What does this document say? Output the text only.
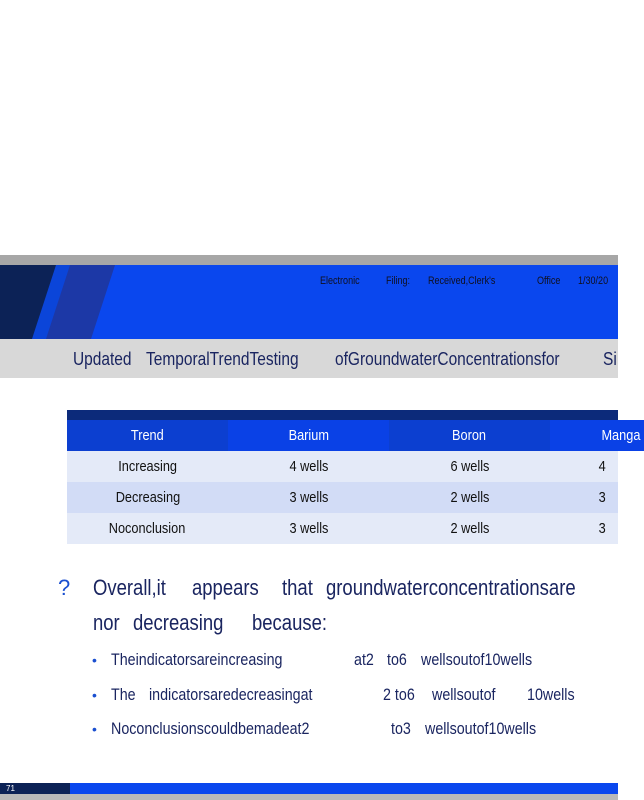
Electronic Filing: Received,Clerk's	Office 1/30/20
Updated TemporalTrendTesting ofGroundwaterConcentrationsfor Si
Trend	Barium	Boron	Manga
Increasing	4 wells	6 wells	4
Decreasing	3 wells	2 wells	3
Noconclusion	3 wells	2 wells	3
? Overall,it appears that groundwaterconcentrationsare
nor decreasing because:
• Theindicatorsareincreasing	at2 to6 wellsoutof10wells
• The indicatorsaredecreasingat	2 to6 wellsoutof 10wells
• Noconclusionscouldbemadeat2	to3 wellsoutof10wells
71
